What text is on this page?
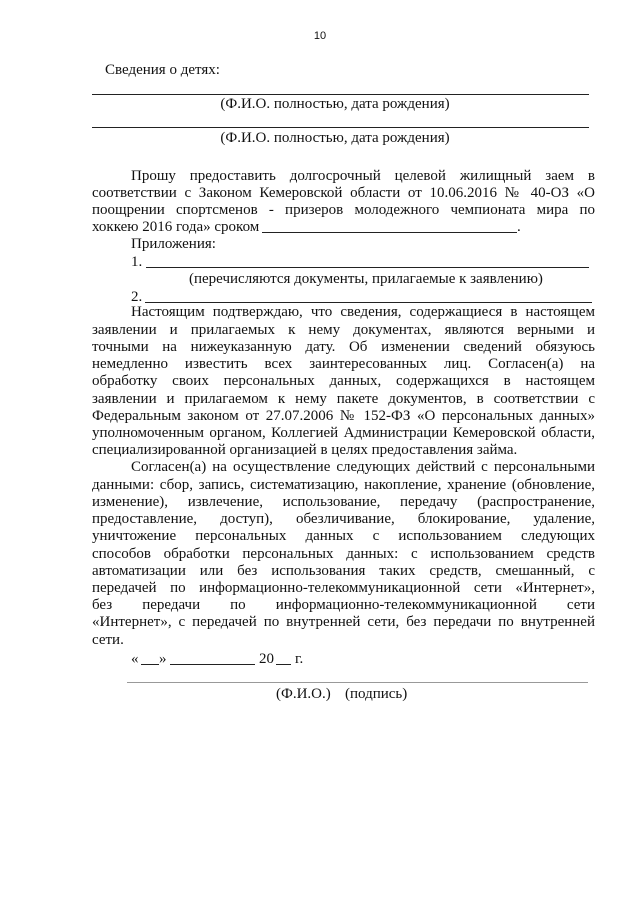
10
Сведения о детях:
(Ф.И.О. полностью, дата рождения)
(Ф.И.О. полностью, дата рождения)
Прошу предоставить долгосрочный целевой жилищный заем в
соответствии с Законом Кемеровской области от 10.06.2016 № 40-ОЗ «О
поощрении спортсменов - призеров молодежного чемпионата мира по
хоккею 2016 года» сроком	.
Приложения:
1.
(перечисляются документы, прилагаемые к заявлению)
2.
Настоящим подтверждаю, что сведения, содержащиеся в настоящем
заявлении и прилагаемых к нему документах, являются верными и
точными на нижеуказанную дату. Об изменении сведений обязуюсь
немедленно известить всех заинтересованных лиц. Согласен(а) на
обработку своих персональных данных, содержащихся в настоящем
заявлении и прилагаемом к нему пакете документов, в соответствии с
Федеральным законом от 27.07.2006 № 152-ФЗ «О персональных данных»
уполномоченным органом, Коллегией Администрации Кемеровской области,
специализированной организацией в целях предоставления займа.
Согласен(а) на осуществление следующих действий с персональными
данными: сбор, запись, систематизацию, накопление, хранение (обновление,
изменение), извлечение, использование, передачу (распространение,
предоставление, доступ), обезличивание, блокирование, удаление,
уничтожение персональных данных с использованием следующих
способов обработки персональных данных: с использованием средств
автоматизации или без использования таких средств, смешанный, с
передачей по информационно-телекоммуникационной сети «Интернет»,
без передачи по информационно-телекоммуникационной сети
«Интернет», с передачей по внутренней сети, без передачи по внутренней
сети.
« »	20 г.
(Ф.И.О.) (подпись)
